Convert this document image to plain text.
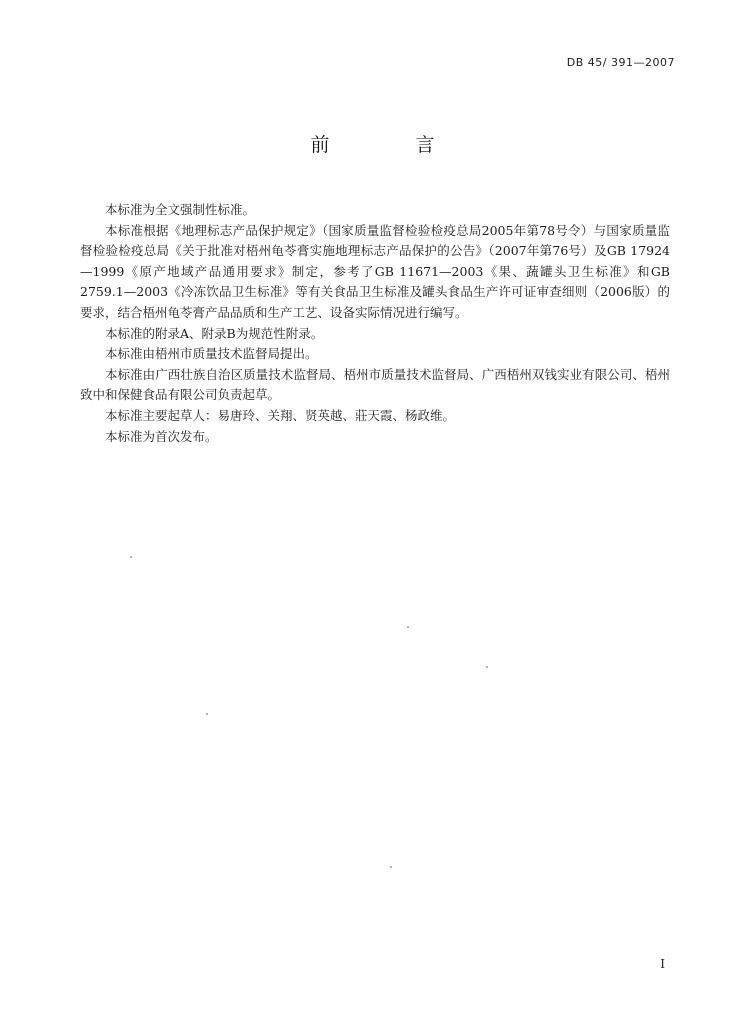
DB 45/ 391—2007
前 言

本标准为全文强制性标准。

本标准根据《地理标志产品保护规定》（国家质量监督检验检疫总局2005年第78号令）与国家质量监督检验检疫总局《关于批准对梧州龟苓膏实施地理标志产品保护的公告》（2007年第76号）及GB 17924—1999《原产地域产品通用要求》制定，参考了GB 11671—2003《果、蔬罐头卫生标准》和GB 2759.1—2003《冷冻饮品卫生标准》等有关食品卫生标准及罐头食品生产许可证审查细则（2006版）的要求，结合梧州龟苓膏产品品质和生产工艺、设备实际情况进行编写。

本标准的附录A、附录B为规范性附录。

本标准由梧州市质量技术监督局提出。

本标准由广西壮族自治区质量技术监督局、梧州市质量技术监督局、广西梧州双钱实业有限公司、梧州致中和保健食品有限公司负责起草。

本标准主要起草人：易唐玲、关翔、贤英越、莊天霞、杨政维。

本标准为首次发布。

I
